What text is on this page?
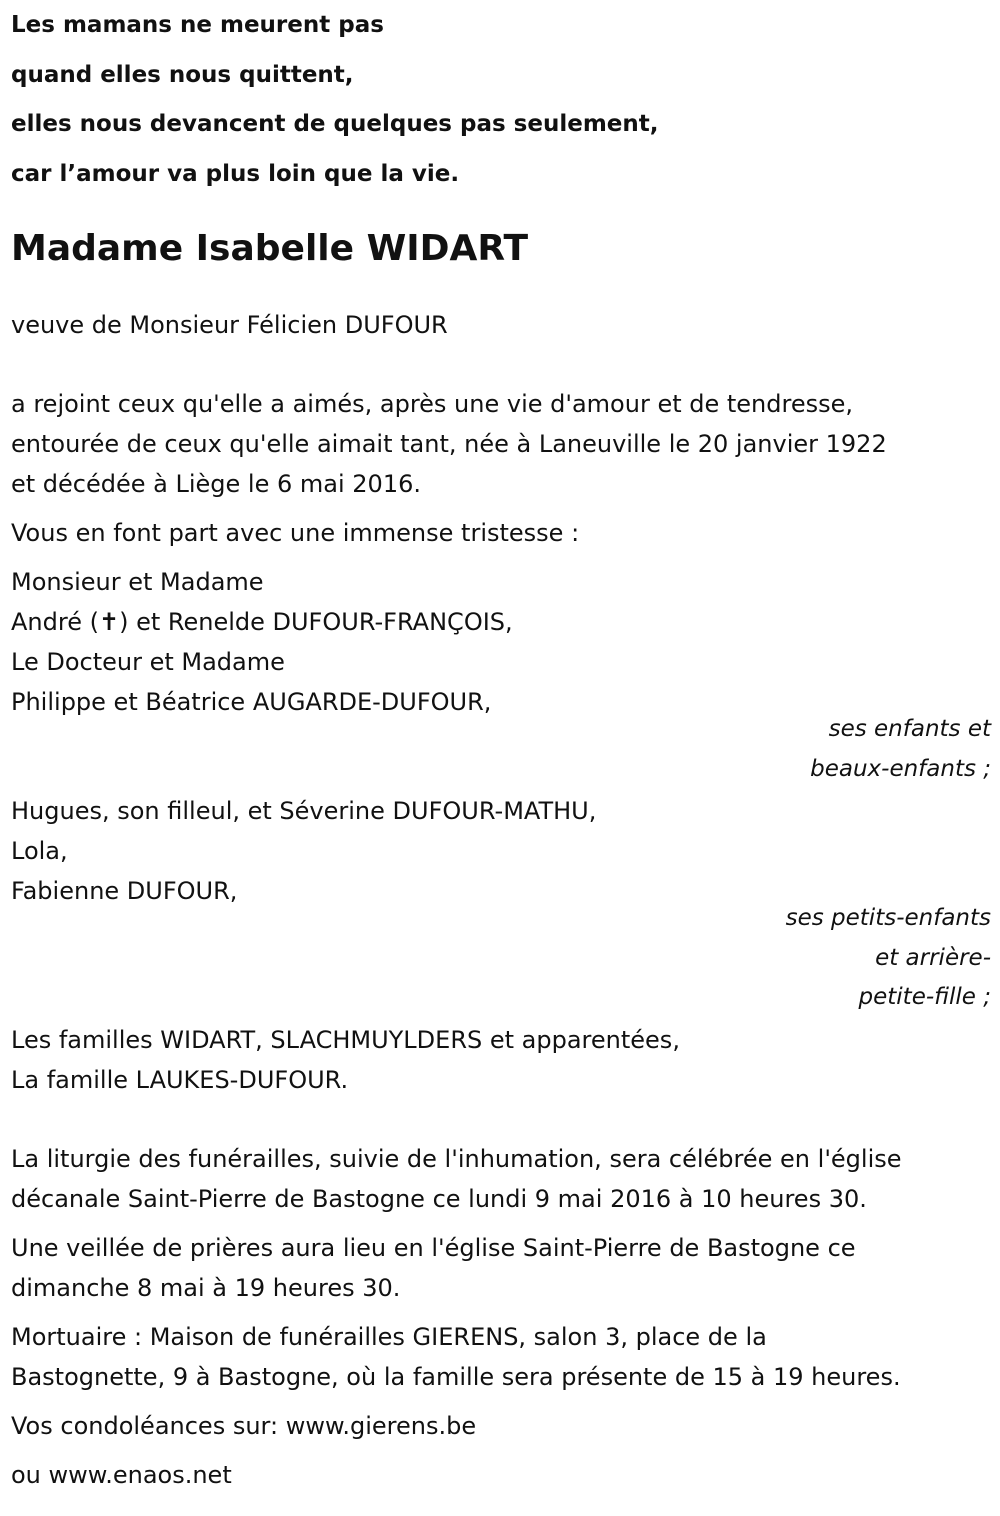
Les mamans ne meurent pas
quand elles nous quittent,
elles nous devancent de quelques pas seulement,
car l’amour va plus loin que la vie.
Madame Isabelle WIDART
veuve de Monsieur Félicien DUFOUR
a rejoint ceux qu'elle a aimés, après une vie d'amour et de tendresse,
entourée de ceux qu'elle aimait tant, née à Laneuville le 20 janvier 1922
et décédée à Liège le 6 mai 2016.
Vous en font part avec une immense tristesse :
Monsieur et Madame
André (✝) et Renelde DUFOUR-FRANÇOIS,
Le Docteur et Madame
Philippe et Béatrice AUGARDE-DUFOUR,
ses enfants et
beaux-enfants ;
Hugues, son filleul, et Séverine DUFOUR-MATHU,
Lola,
Fabienne DUFOUR,
ses petits-enfants
et arrière-
petite-fille ;
Les familles WIDART, SLACHMUYLDERS et apparentées,
La famille LAUKES-DUFOUR.
La liturgie des funérailles, suivie de l'inhumation, sera célébrée en l'église
décanale Saint-Pierre de Bastogne ce lundi 9 mai 2016 à 10 heures 30.
Une veillée de prières aura lieu en l'église Saint-Pierre de Bastogne ce
dimanche 8 mai à 19 heures 30.
Mortuaire : Maison de funérailles GIERENS, salon 3, place de la
Bastognette, 9 à Bastogne, où la famille sera présente de 15 à 19 heures.
Vos condoléances sur: www.gierens.be
ou www.enaos.net
